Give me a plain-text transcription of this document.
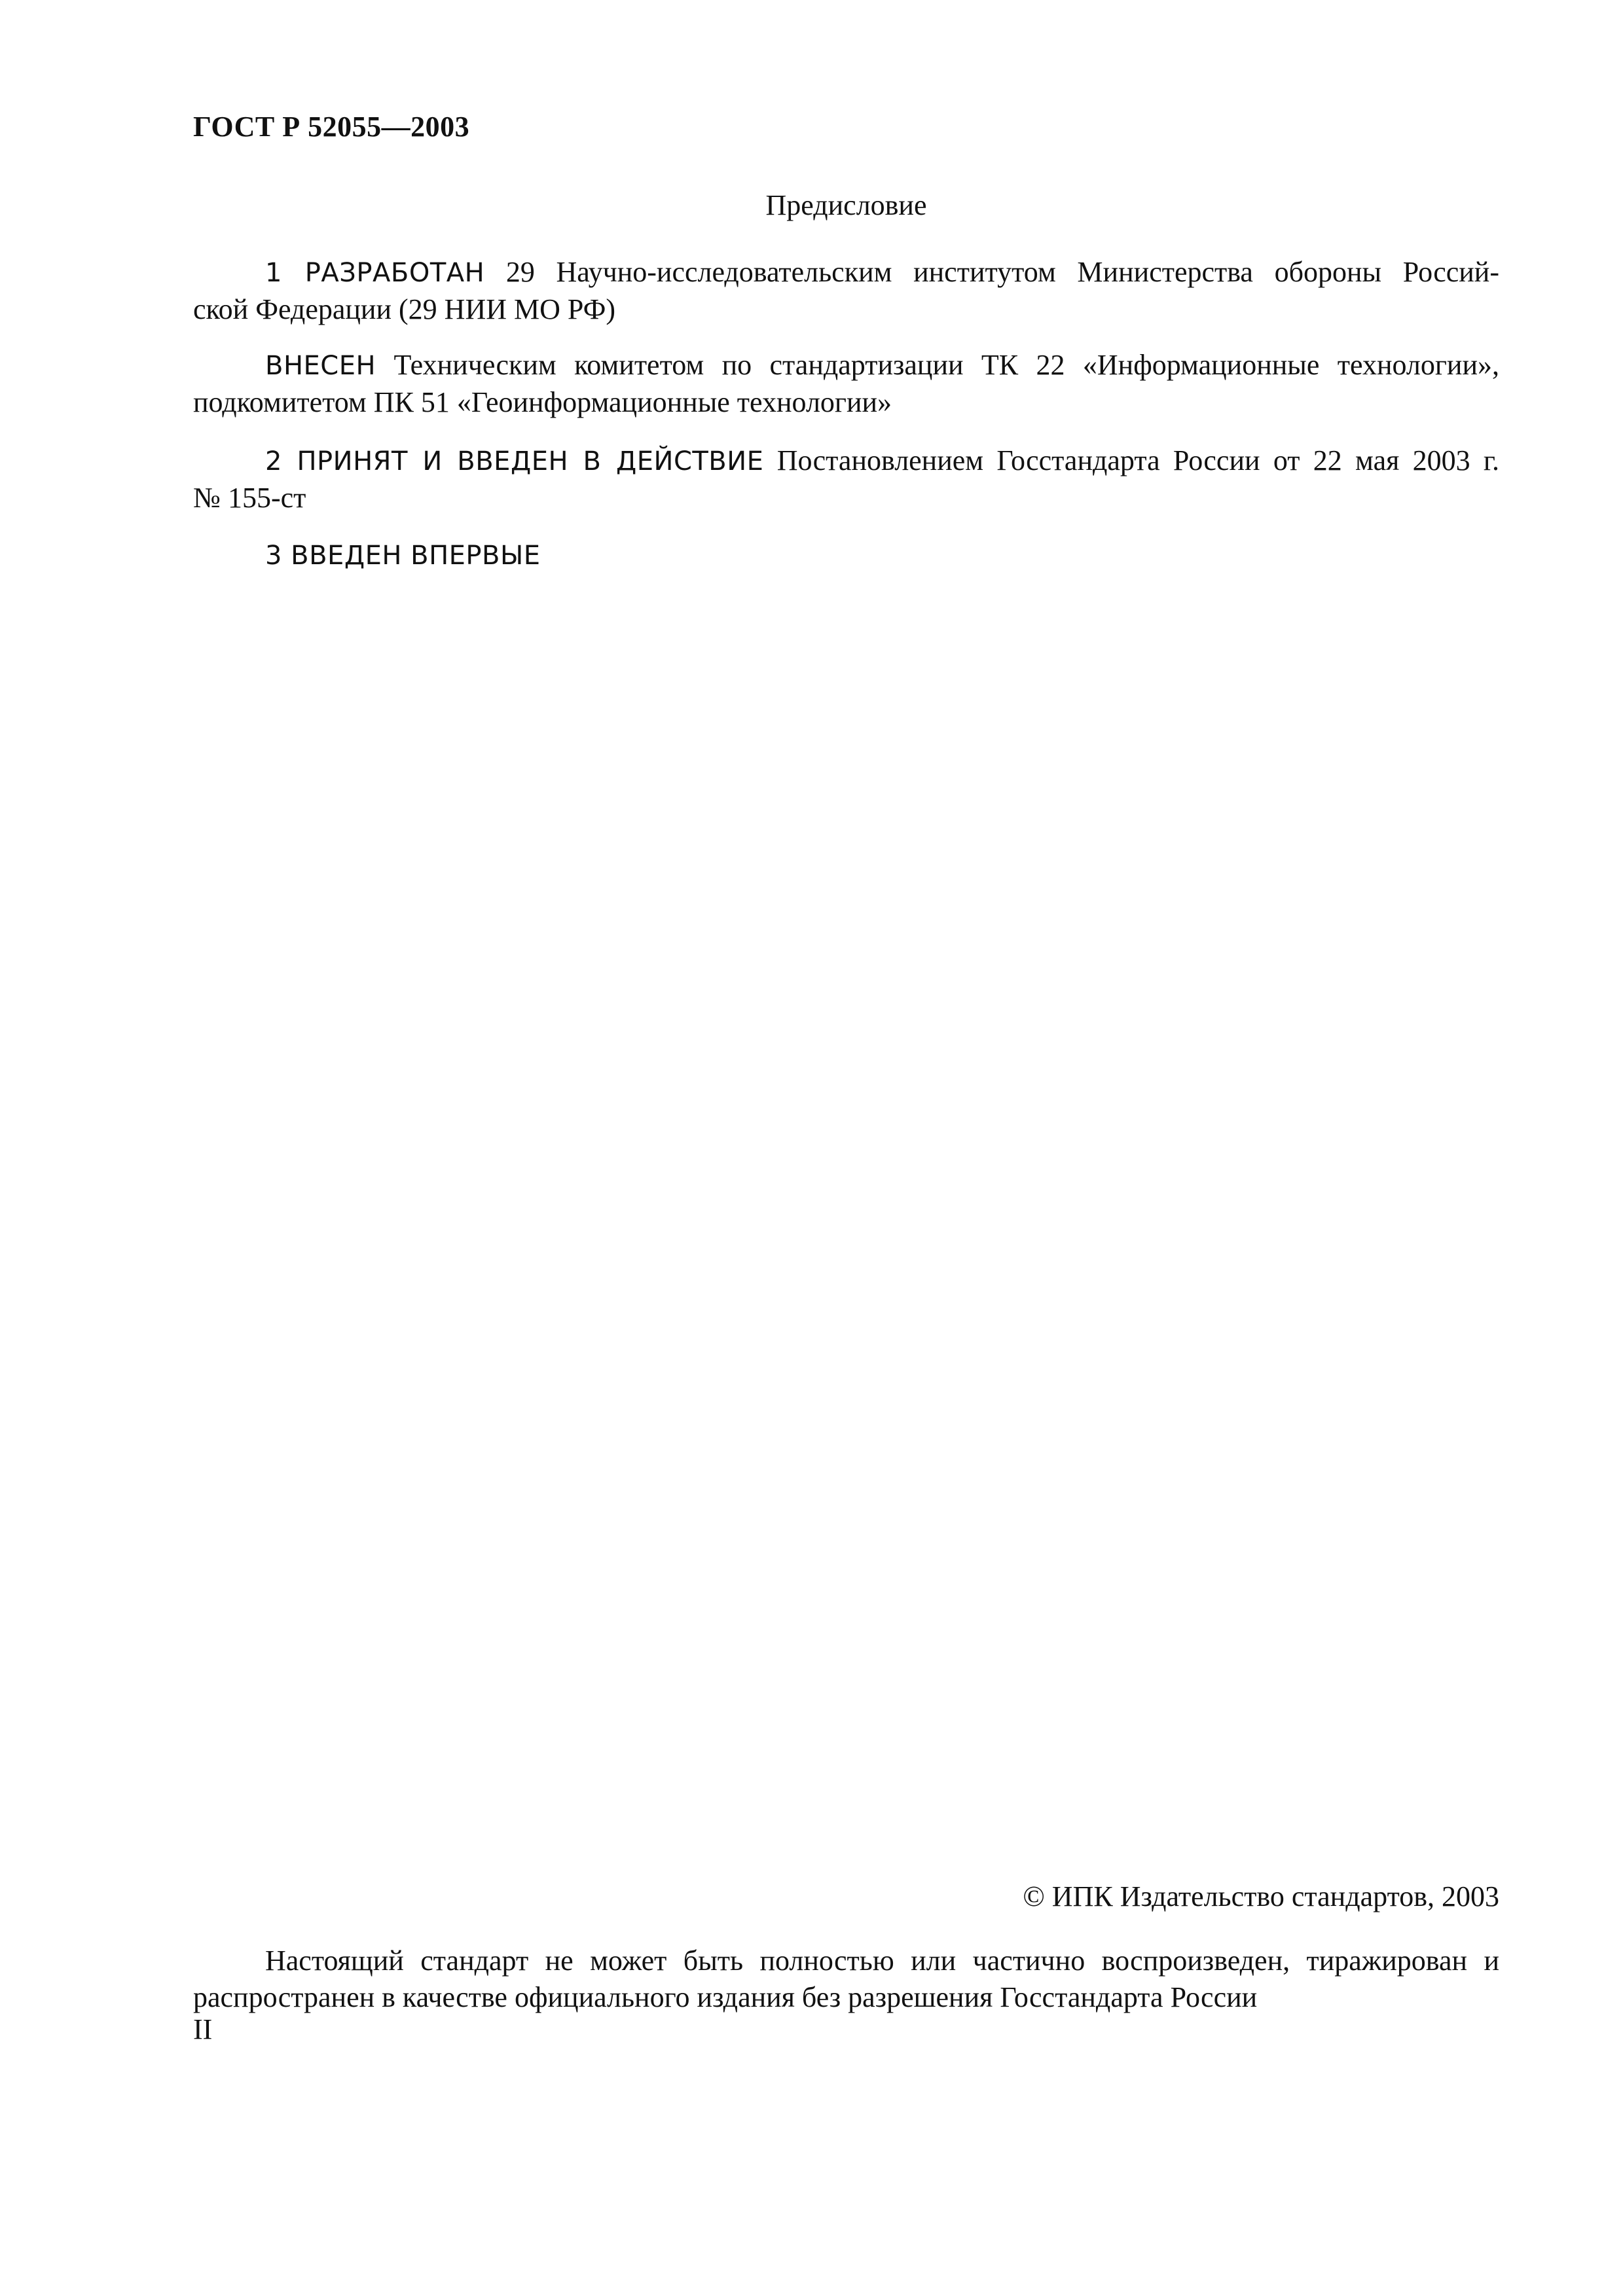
ГОСТ Р 52055—2003
Предисловие
1 РАЗРАБОТАН 29 Научно-исследовательским институтом Министерства обороны Россий-
ской Федерации (29 НИИ МО РФ)
ВНЕСЕН Техническим комитетом по стандартизации ТК 22 «Информационные технологии»,
подкомитетом ПК 51 «Геоинформационные технологии»
2 ПРИНЯТ И ВВЕДЕН В ДЕЙСТВИЕ Постановлением Госстандарта России от 22 мая 2003 г.
№ 155-ст
3 ВВЕДЕН ВПЕРВЫЕ
© ИПК Издательство стандартов, 2003
Настоящий стандарт не может быть полностью или частично воспроизведен, тиражирован и
распространен в качестве официального издания без разрешения Госстандарта России
II
